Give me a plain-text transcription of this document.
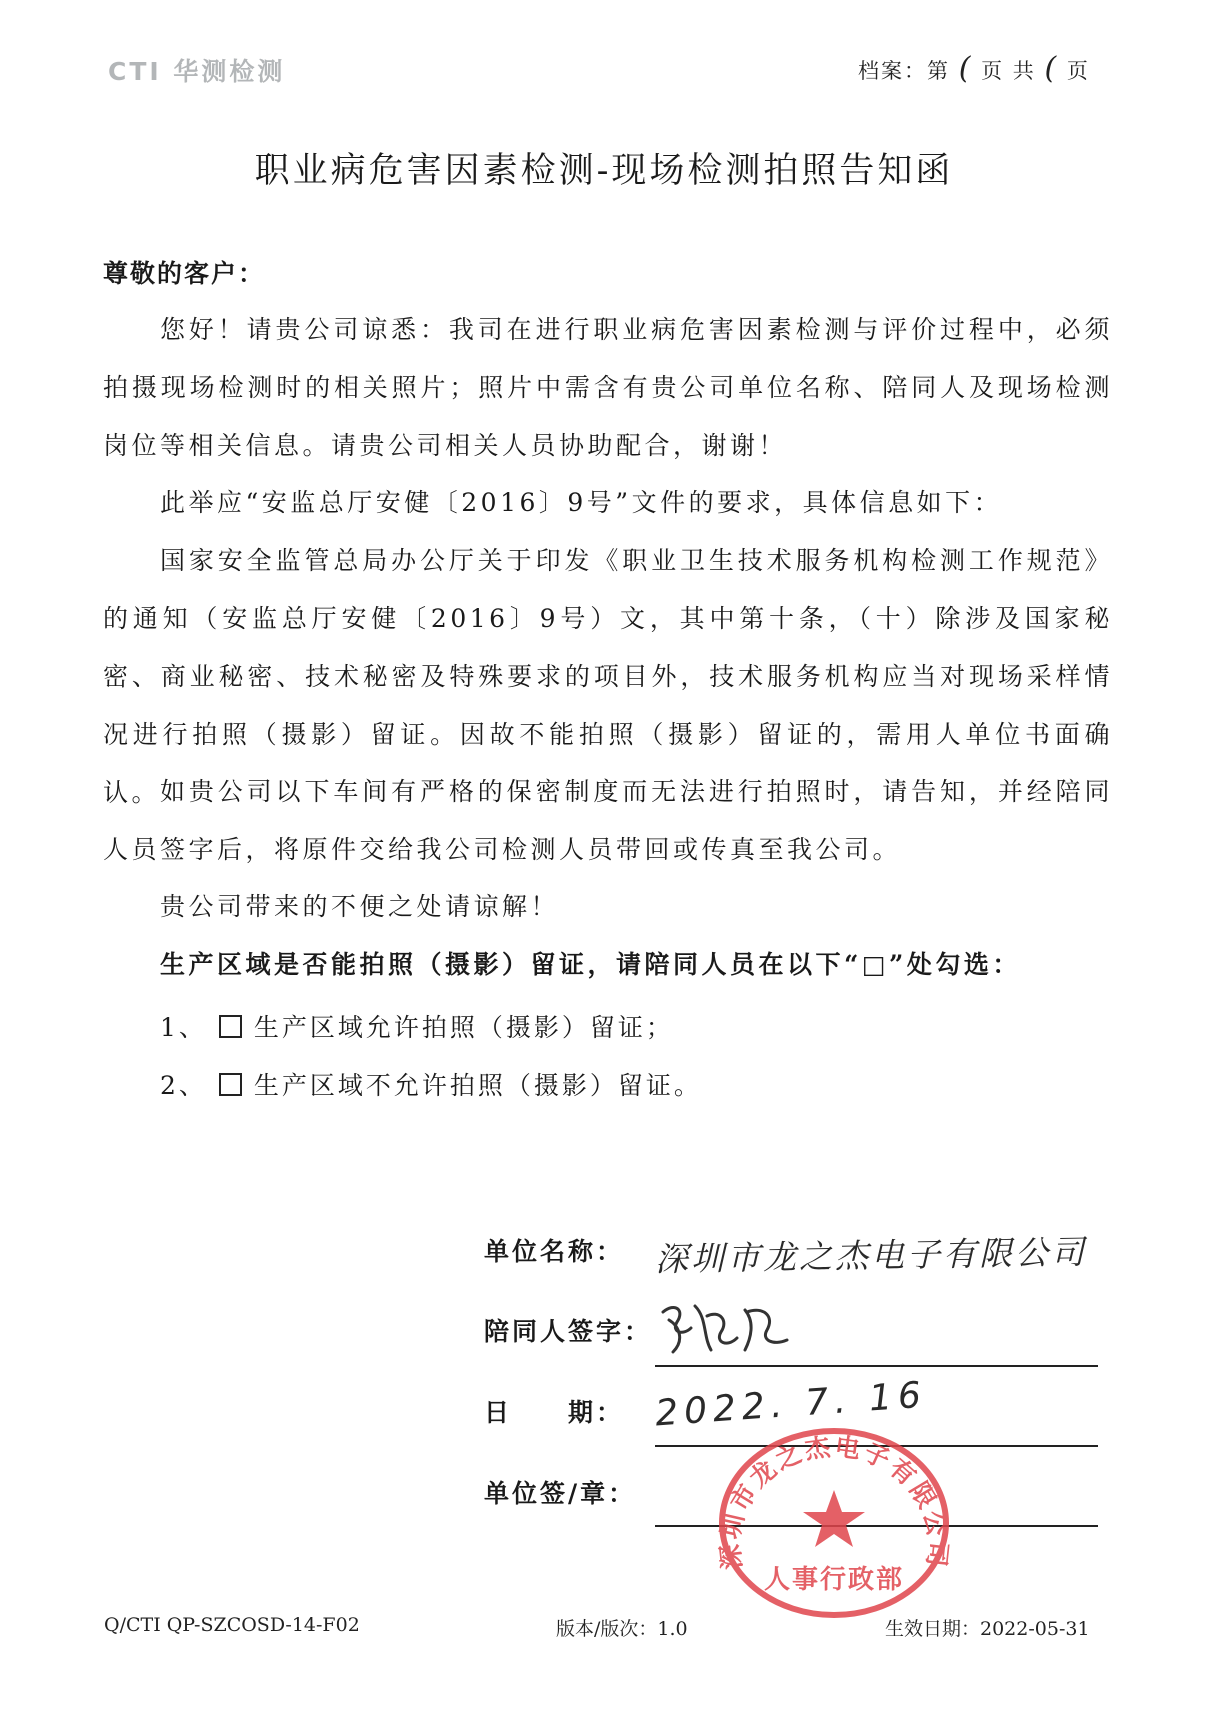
CTI 华测检测	档案：第 ( 页 共 ( 页
职业病危害因素检测-现场检测拍照告知函
尊敬的客户：
您好！请贵公司谅悉：我司在进行职业病危害因素检测与评价过程中，必须拍摄现场检测时的相关照片；照片中需含有贵公司单位名称、陪同人及现场检测岗位等相关信息。请贵公司相关人员协助配合，谢谢！
此举应“安监总厅安健〔2016〕9号”文件的要求，具体信息如下：
国家安全监管总局办公厅关于印发《职业卫生技术服务机构检测工作规范》的通知（安监总厅安健〔2016〕9号）文，其中第十条，（十）除涉及国家秘密、商业秘密、技术秘密及特殊要求的项目外，技术服务机构应当对现场采样情况进行拍照（摄影）留证。因故不能拍照（摄影）留证的，需用人单位书面确认。 如贵公司以下车间有严格的保密制度而无法进行拍照时，请告知，并经陪同人员签字后，将原件交给我公司检测人员带回或传真至我公司。
贵公司带来的不便之处请谅解！
生产区域是否能拍照（摄影）留证，请陪同人员在以下“□”处勾选：
1、 生产区域允许拍照（摄影）留证；
2、 生产区域不允许拍照（摄影）留证。
单位名称： 深圳市龙之杰电子有限公司
陪同人签字：
日　　期： 2022. 7. 16
单位签/章：
深圳市龙之杰电子有限公司
人事行政部
Q/CTI QP-SZCOSD-14-F02	版本/版次：1.0	生效日期：2022-05-31
